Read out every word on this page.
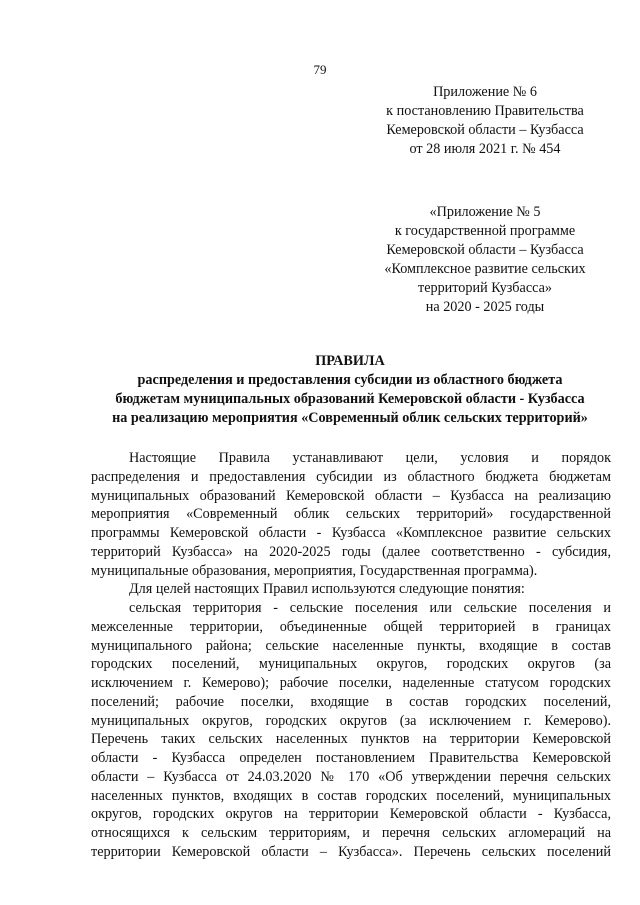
79
Приложение № 6
к постановлению Правительства
Кемеровской области – Кузбасса
от 28 июля 2021 г. № 454
«Приложение № 5
к государственной программе
Кемеровской области – Кузбасса
«Комплексное развитие сельских
территорий Кузбасса»
на 2020 - 2025 годы
ПРАВИЛА
распределения и предоставления субсидии из областного бюджета
бюджетам муниципальных образований Кемеровской области - Кузбасса
на реализацию мероприятия «Современный облик сельских территорий»
Настоящие Правила устанавливают цели, условия и порядок
распределения и предоставления субсидии из областного бюджета бюджетам
муниципальных образований Кемеровской области – Кузбасса на реализацию
мероприятия «Современный облик сельских территорий» государственной
программы Кемеровской области - Кузбасса «Комплексное развитие сельских
территорий Кузбасса» на 2020-2025 годы (далее соответственно - субсидия,
муниципальные образования, мероприятия, Государственная программа).
Для целей настоящих Правил используются следующие понятия:
сельская территория - сельские поселения или сельские поселения и
межселенные территории, объединенные общей территорией в границах
муниципального района; сельские населенные пункты, входящие в состав
городских поселений, муниципальных округов, городских округов (за
исключением г. Кемерово); рабочие поселки, наделенные статусом городских
поселений; рабочие поселки, входящие в состав городских поселений,
муниципальных округов, городских округов (за исключением г. Кемерово).
Перечень таких сельских населенных пунктов на территории Кемеровской
области - Кузбасса определен постановлением Правительства Кемеровской
области – Кузбасса от 24.03.2020 № 170 «Об утверждении перечня сельских
населенных пунктов, входящих в состав городских поселений, муниципальных
округов, городских округов на территории Кемеровской области - Кузбасса,
относящихся к сельским территориям, и перечня сельских агломераций на
территории Кемеровской области – Кузбасса». Перечень сельских поселений
